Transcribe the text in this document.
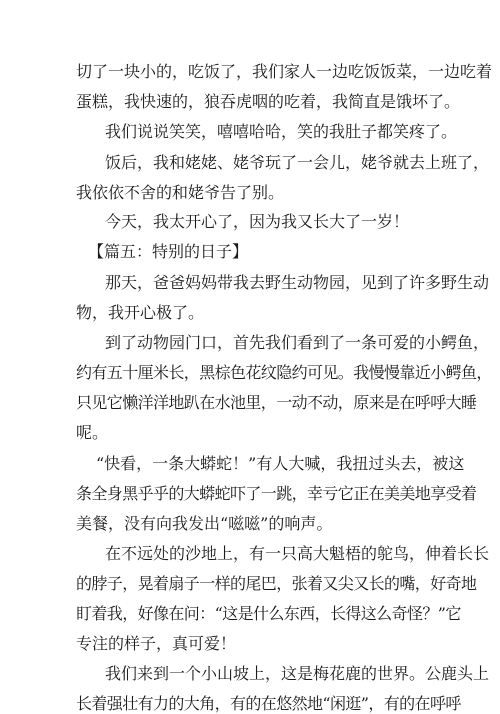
切了一块小的，吃饭了，我们家人一边吃饭饭菜，一边吃着
蛋糕，我快速的，狼吞虎咽的吃着，我简直是饿坏了。
我们说说笑笑，嘻嘻哈哈，笑的我肚子都笑疼了。
饭后，我和姥姥、姥爷玩了一会儿，姥爷就去上班了，
我依依不舍的和姥爷告了别。
今天，我太开心了，因为我又长大了一岁！
【篇五：特别的日子】
那天，爸爸妈妈带我去野生动物园，见到了许多野生动
物，我开心极了。
到了动物园门口，首先我们看到了一条可爱的小鳄鱼，
约有五十厘米长，黑棕色花纹隐约可见。我慢慢靠近小鳄鱼，
只见它懒洋洋地趴在水池里，一动不动，原来是在呼呼大睡
呢。
“快看，一条大蟒蛇！”有人大喊，我扭过头去，被这
条全身黑乎乎的大蟒蛇吓了一跳，幸亏它正在美美地享受着
美餐，没有向我发出“嗞嗞”的响声。
在不远处的沙地上，有一只高大魁梧的鸵鸟，伸着长长
的脖子，晃着扇子一样的尾巴，张着又尖又长的嘴，好奇地
盯着我，好像在问：“这是什么东西，长得这么奇怪？”它
专注的样子，真可爱！
我们来到一个小山坡上，这是梅花鹿的世界。公鹿头上
长着强壮有力的大角，有的在悠然地“闲逛”，有的在呼呼
